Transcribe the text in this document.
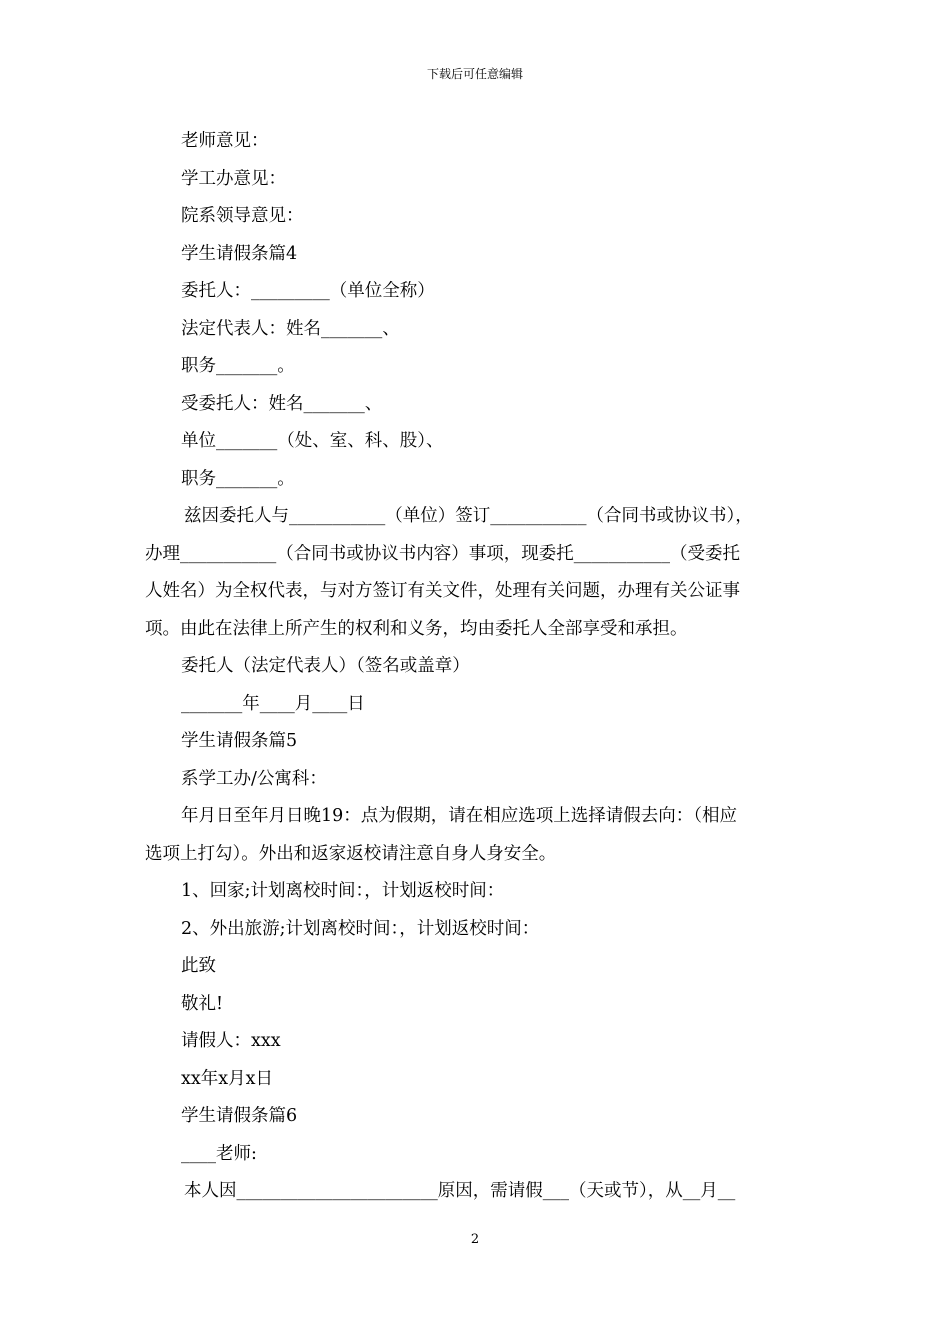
下载后可任意编辑

老师意见：

学工办意见：

院系领导意见：

学生请假条篇4

委托人：_________（单位全称）

法定代表人：姓名_______、

职务_______。

受委托人：姓名_______、

单位_______（处、室、科、股）、

职务_______。

兹因委托人与___________（单位）签订___________（合同书或协议书），

办理___________（合同书或协议书内容）事项，现委托___________（受委托

人姓名）为全权代表，与对方签订有关文件，处理有关问题，办理有关公证事

项。由此在法律上所产生的权利和义务，均由委托人全部享受和承担。

委托人（法定代表人）（签名或盖章）

_______年____月____日

学生请假条篇5

系学工办/公寓科：

年月日至年月日晚19：点为假期，请在相应选项上选择请假去向：（相应

选项上打勾）。外出和返家返校请注意自身人身安全。

1、回家;计划离校时间：，计划返校时间：

2、外出旅游;计划离校时间：，计划返校时间：

此致

敬礼!

请假人：xxx

xx年x月x日

学生请假条篇6

____老师:

本人因_______________________原因，需请假___（天或节），从__月__

2
